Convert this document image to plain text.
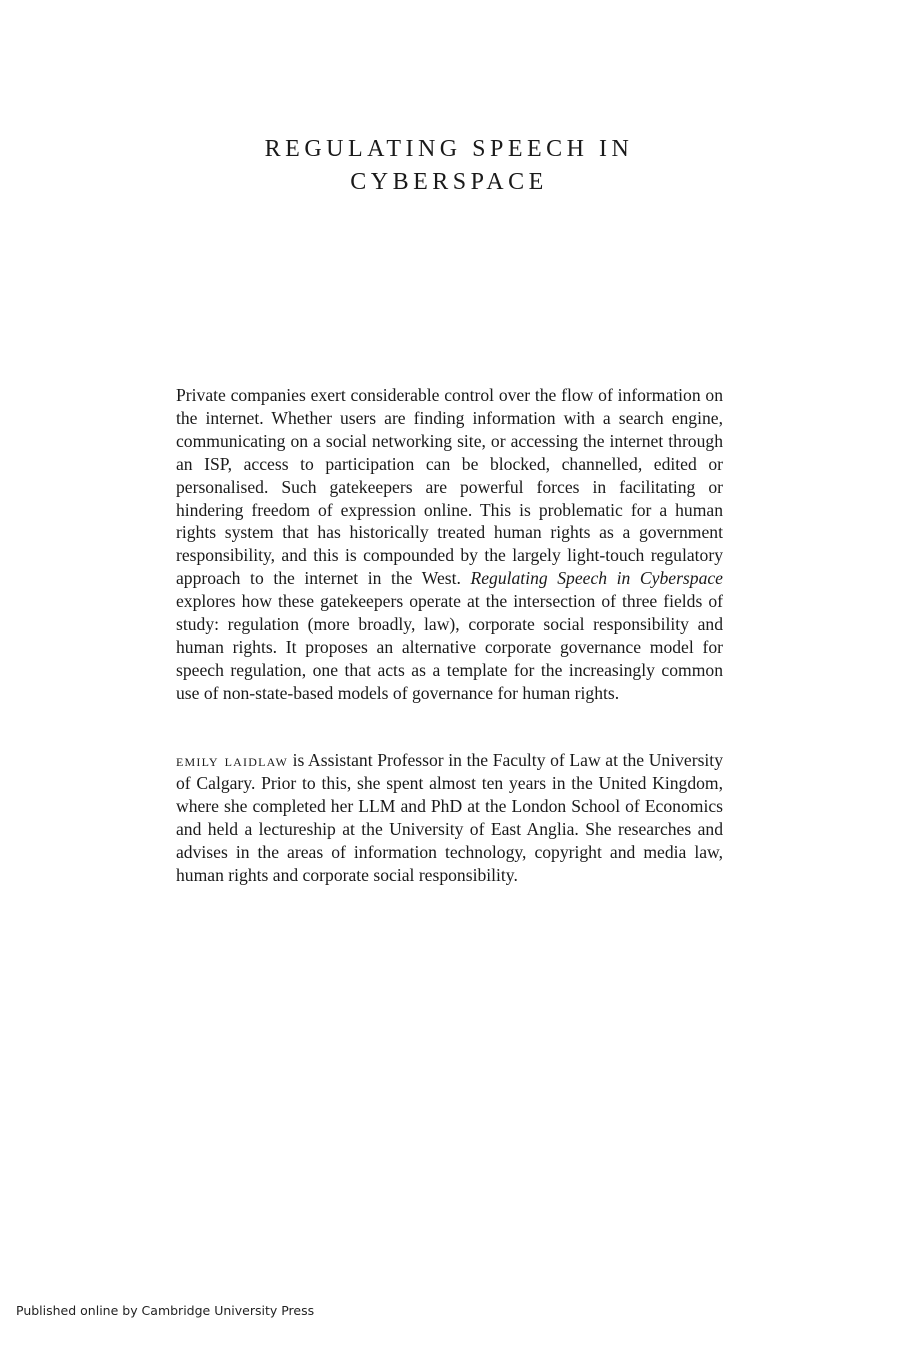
REGULATING SPEECH IN
CYBERSPACE

Private companies exert considerable control over the flow of information on the internet. Whether users are finding information with a search engine, communicating on a social networking site, or accessing the internet through an ISP, access to participation can be blocked, channelled, edited or personalised. Such gatekeepers are powerful forces in facilitating or hindering freedom of expression online. This is problematic for a human rights system that has historically treated human rights as a government responsibility, and this is compounded by the largely light-touch regulatory approach to the internet in the West. Regulating Speech in Cyberspace explores how these gatekeepers operate at the intersection of three fields of study: regulation (more broadly, law), corporate social responsibility and human rights. It proposes an alternative corporate governance model for speech regulation, one that acts as a template for the increasingly common use of non-state-based models of governance for human rights.

emily laidlaw is Assistant Professor in the Faculty of Law at the University of Calgary. Prior to this, she spent almost ten years in the United Kingdom, where she completed her LLM and PhD at the London School of Economics and held a lectureship at the University of East Anglia. She researches and advises in the areas of information technology, copyright and media law, human rights and corporate social responsibility.

Published online by Cambridge University Press
